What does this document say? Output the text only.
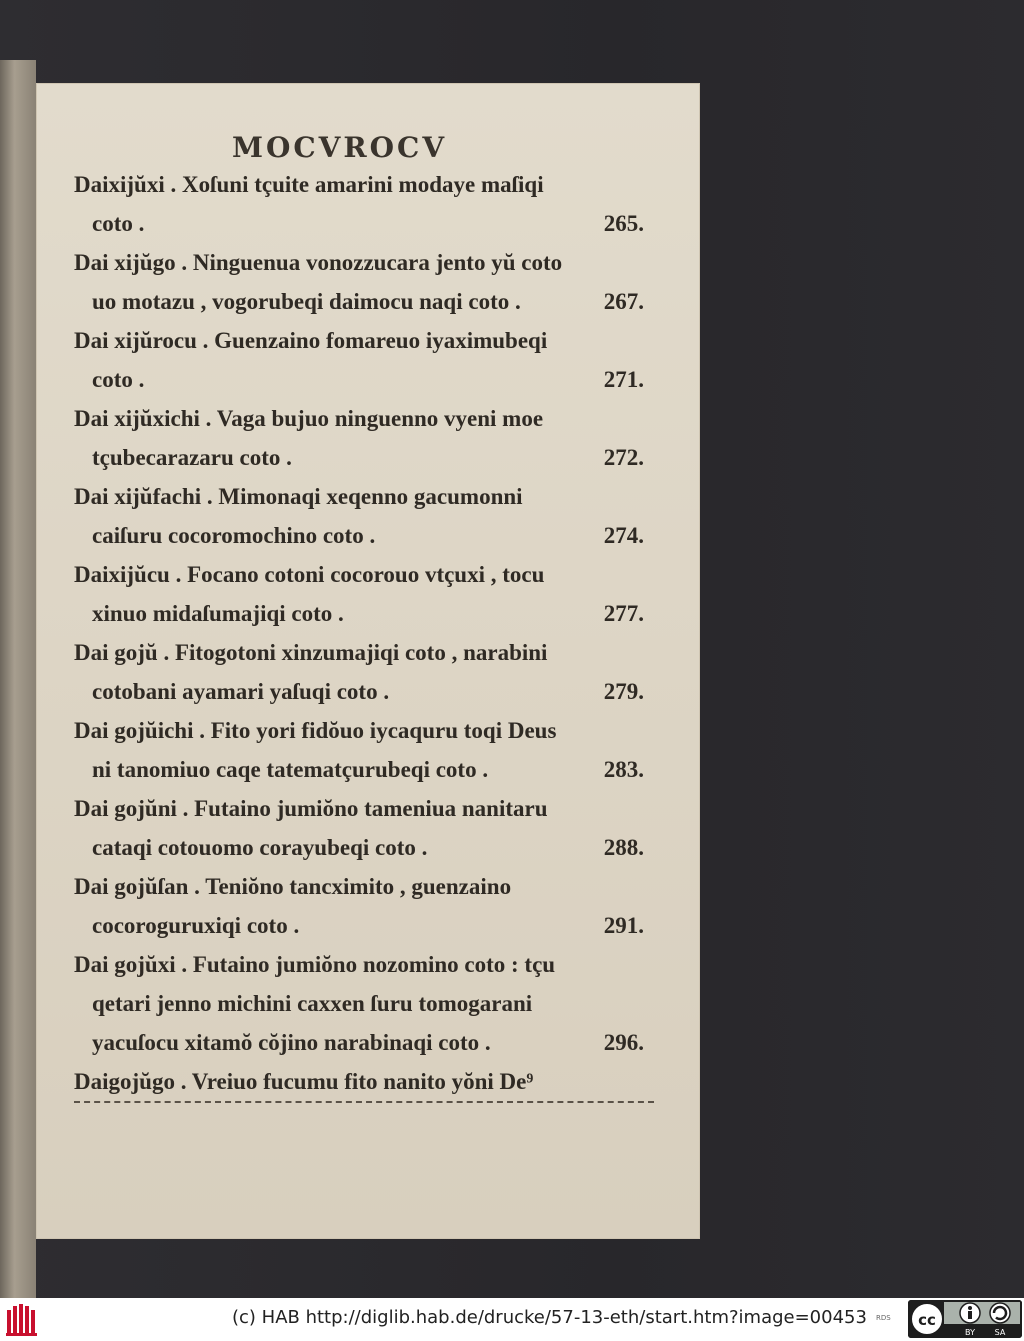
MOCVROCV
Daixijŭxi . Xoſuni tçuite amarini modaye maſiqi
coto .	265.
Dai xijŭgo . Ninguenua vonozzucara jento yŭ coto
uo motazu , vogorubeqi daimocu naqi coto .	267.
Dai xijŭrocu . Guenzaino fomareuo iyaximubeqi
coto .	271.
Dai xijŭxichi . Vaga bujuo ninguenno vyeni moe
tçubecarazaru coto .	272.
Dai xijŭfachi . Mimonaqi xeqenno gacumonni
caiſuru cocoromochino coto .	274.
Daixijŭcu . Focano cotoni cocorouo vtçuxi , tocu
xinuo midaſumajiqi coto .	277.
Dai gojŭ . Fitogotoni xinzumajiqi coto , narabini
cotobani ayamari yaſuqi coto .	279.
Dai gojŭichi . Fito yori fidŏuo iycaquru toqi Deus
ni tanomiuo caqe tatematçurubeqi coto .	283.
Dai gojŭni . Futaino jumiŏno tameniua nanitaru
cataqi cotouomo corayubeqi coto .	288.
Dai gojŭſan . Teniŏno tancximito , guenzaino
cocoroguruxiqi coto .	291.
Dai gojŭxi . Futaino jumiŏno nozomino coto : tçu
qetari jenno michini caxxen ſuru tomogarani
yacuſocu xitamŏ cŏjino narabinaqi coto .	296.
Daigojŭgo . Vreiuo fucumu fito nanito yŏni De⁹
(c) HAB http://diglib.hab.de/drucke/57-13-eth/start.htm?image=00453 RDS cc
BY SA
